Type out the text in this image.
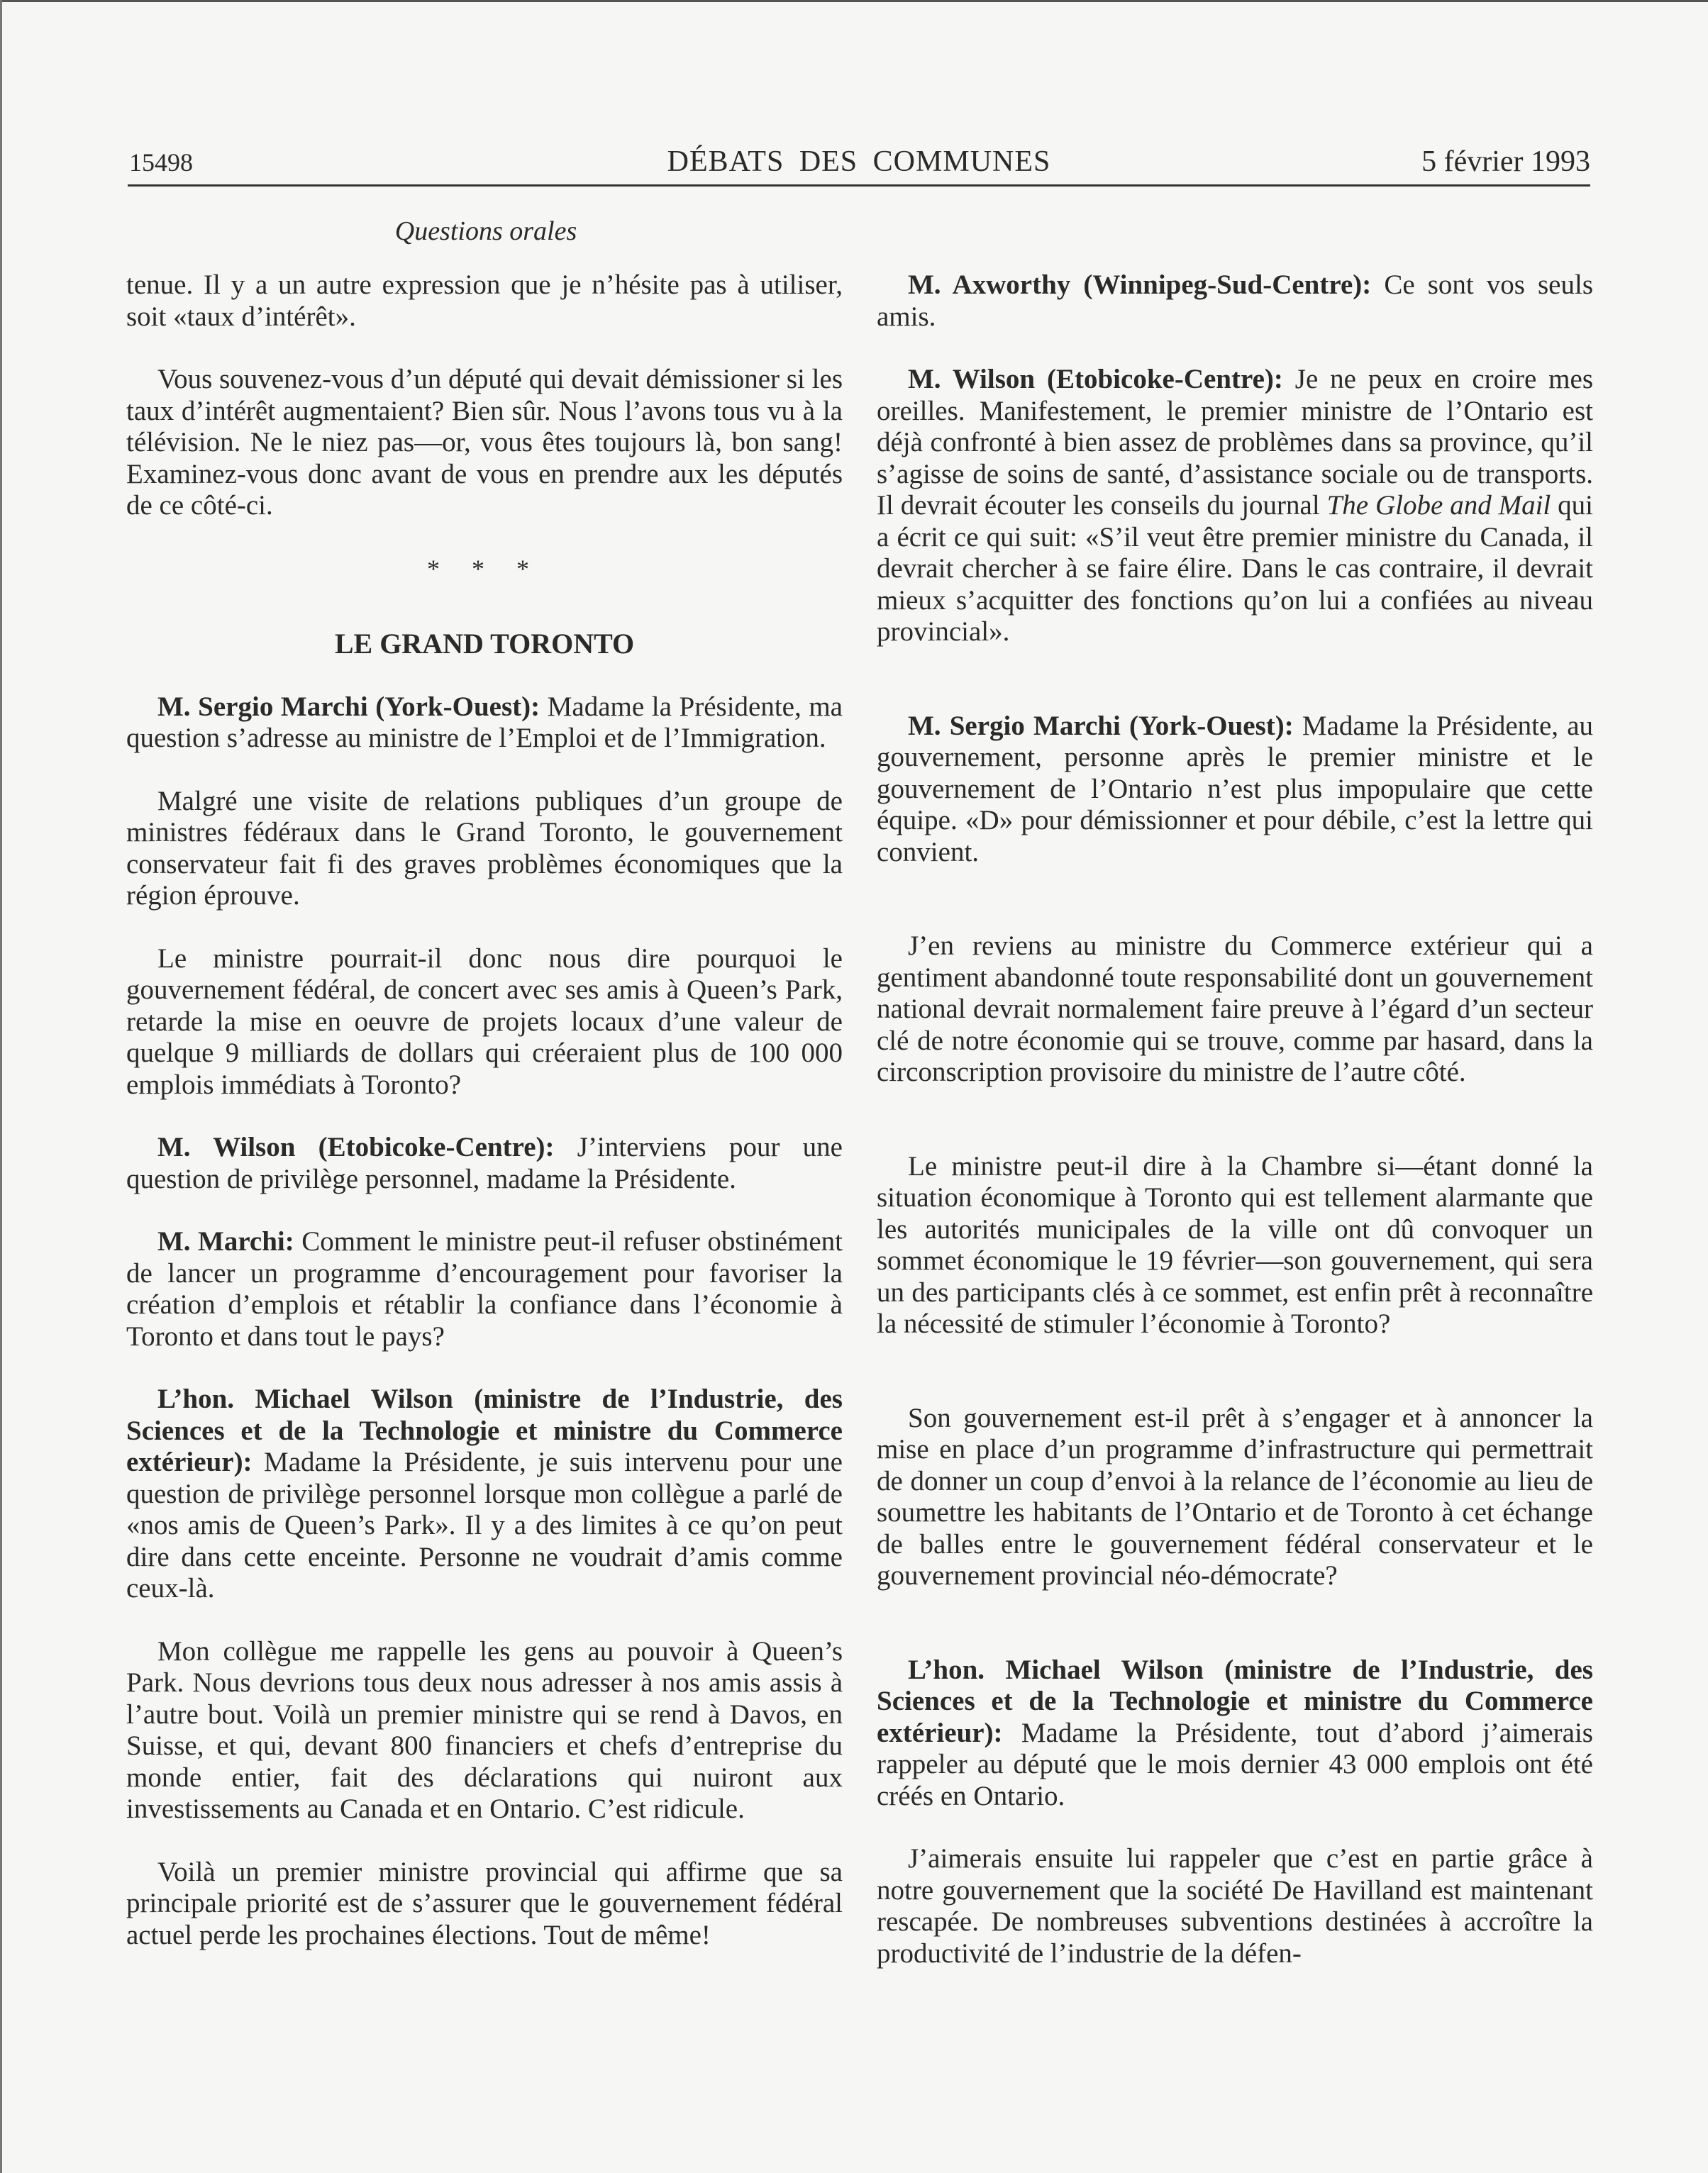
15498	DÉBATS DES COMMUNES	5 février 1993
Questions orales

tenue. Il y a un autre expression que je n’hésite pas à utiliser, soit «taux d’intérêt».

Vous souvenez-vous d’un député qui devait démissioner si les taux d’intérêt augmentaient? Bien sûr. Nous l’avons tous vu à la télévision. Ne le niez pas—or, vous êtes toujours là, bon sang! Examinez-vous donc avant de vous en prendre aux les députés de ce côté-ci.

* * *
LE GRAND TORONTO

M. Sergio Marchi (York-Ouest): Madame la Présidente, ma question s’adresse au ministre de l’Emploi et de l’Immigration.

Malgré une visite de relations publiques d’un groupe de ministres fédéraux dans le Grand Toronto, le gouvernement conservateur fait fi des graves problèmes économiques que la région éprouve.

Le ministre pourrait-il donc nous dire pourquoi le gouvernement fédéral, de concert avec ses amis à Queen’s Park, retarde la mise en oeuvre de projets locaux d’une valeur de quelque 9 milliards de dollars qui créeraient plus de 100 000 emplois immédiats à Toronto?

M. Wilson (Etobicoke-Centre): J’interviens pour une question de privilège personnel, madame la Présidente.

M. Marchi: Comment le ministre peut-il refuser obstinément de lancer un programme d’encouragement pour favoriser la création d’emplois et rétablir la confiance dans l’économie à Toronto et dans tout le pays?

L’hon. Michael Wilson (ministre de l’Industrie, des Sciences et de la Technologie et ministre du Commerce extérieur): Madame la Présidente, je suis intervenu pour une question de privilège personnel lorsque mon collègue a parlé de «nos amis de Queen’s Park». Il y a des limites à ce qu’on peut dire dans cette enceinte. Personne ne voudrait d’amis comme ceux-là.

Mon collègue me rappelle les gens au pouvoir à Queen’s Park. Nous devrions tous deux nous adresser à nos amis assis à l’autre bout. Voilà un premier ministre qui se rend à Davos, en Suisse, et qui, devant 800 financiers et chefs d’entreprise du monde entier, fait des déclarations qui nuiront aux investissements au Canada et en Ontario. C’est ridicule.

Voilà un premier ministre provincial qui affirme que sa principale priorité est de s’assurer que le gouvernement fédéral actuel perde les prochaines élections. Tout de même!

M. Axworthy (Winnipeg-Sud-Centre): Ce sont vos seuls amis.

M. Wilson (Etobicoke-Centre): Je ne peux en croire mes oreilles. Manifestement, le premier ministre de l’Ontario est déjà confronté à bien assez de problèmes dans sa province, qu’il s’agisse de soins de santé, d’assistance sociale ou de transports. Il devrait écouter les conseils du journal The Globe and Mail qui a écrit ce qui suit: «S’il veut être premier ministre du Canada, il devrait chercher à se faire élire. Dans le cas contraire, il devrait mieux s’acquitter des fonctions qu’on lui a confiées au niveau provincial».

M. Sergio Marchi (York-Ouest): Madame la Présidente, au gouvernement, personne après le premier ministre et le gouvernement de l’Ontario n’est plus impopulaire que cette équipe. «D» pour démissionner et pour débile, c’est la lettre qui convient.

J’en reviens au ministre du Commerce extérieur qui a gentiment abandonné toute responsabilité dont un gouvernement national devrait normalement faire preuve à l’égard d’un secteur clé de notre économie qui se trouve, comme par hasard, dans la circonscription provisoire du ministre de l’autre côté.

Le ministre peut-il dire à la Chambre si—étant donné la situation économique à Toronto qui est tellement alarmante que les autorités municipales de la ville ont dû convoquer un sommet économique le 19 février—son gouvernement, qui sera un des participants clés à ce sommet, est enfin prêt à reconnaître la nécessité de stimuler l’économie à Toronto?

Son gouvernement est-il prêt à s’engager et à annoncer la mise en place d’un programme d’infrastructure qui permettrait de donner un coup d’envoi à la relance de l’économie au lieu de soumettre les habitants de l’Ontario et de Toronto à cet échange de balles entre le gouvernement fédéral conservateur et le gouvernement provincial néo-démocrate?

L’hon. Michael Wilson (ministre de l’Industrie, des Sciences et de la Technologie et ministre du Commerce extérieur): Madame la Présidente, tout d’abord j’aimerais rappeler au député que le mois dernier 43 000 emplois ont été créés en Ontario.

J’aimerais ensuite lui rappeler que c’est en partie grâce à notre gouvernement que la société De Havilland est maintenant rescapée. De nombreuses subventions destinées à accroître la productivité de l’industrie de la défen-
